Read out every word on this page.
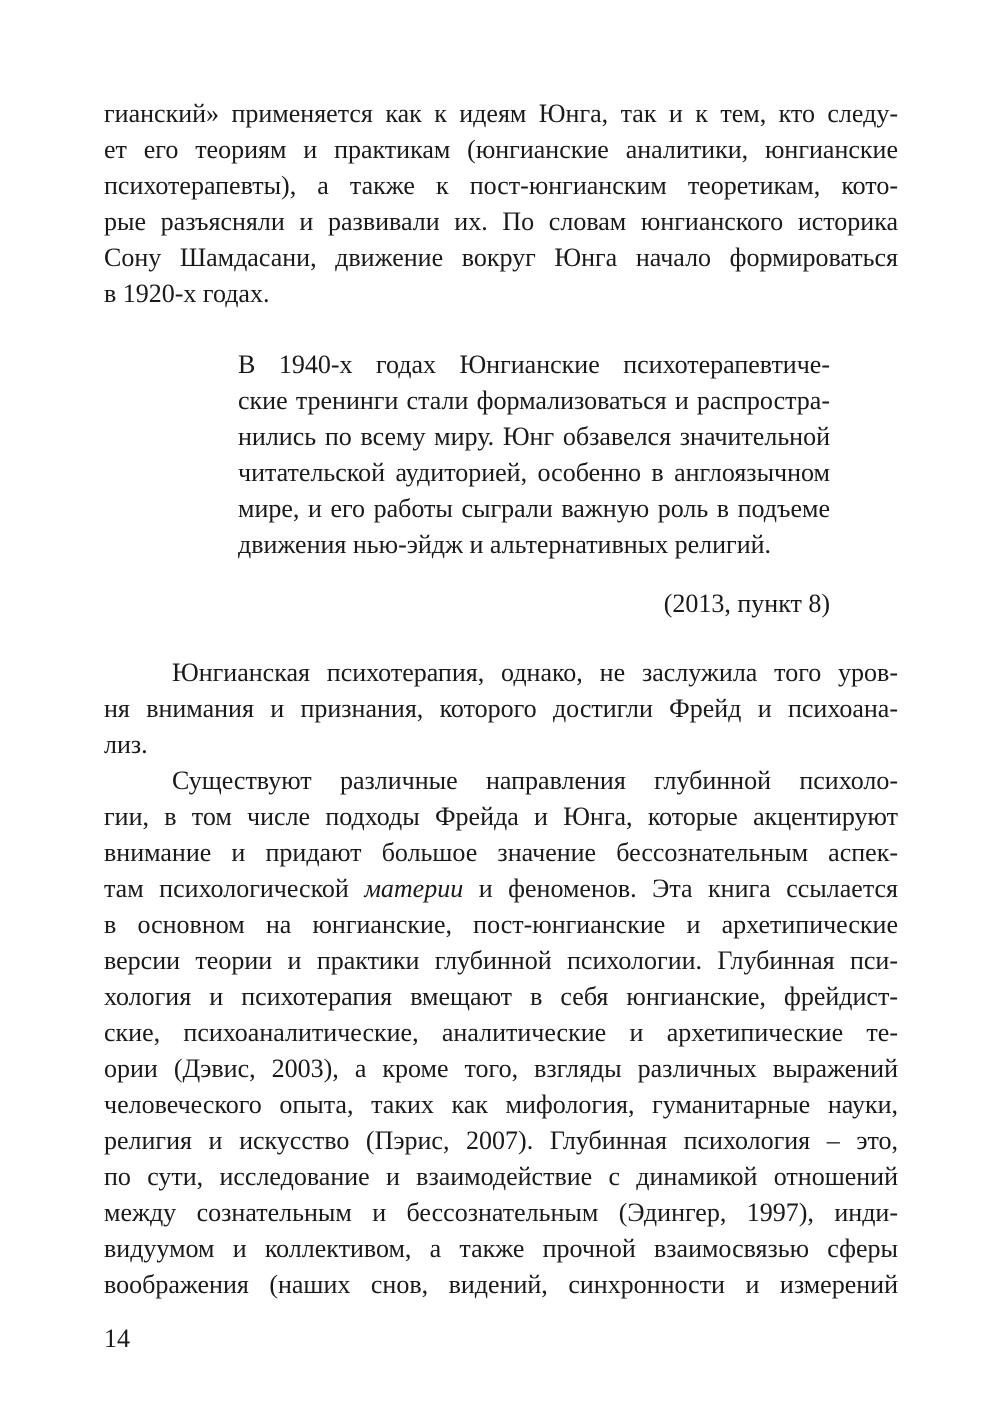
гианский» применяется как к идеям Юнга, так и к тем, кто следу-
ет его теориям и практикам (юнгианские аналитики, юнгианские
психотерапевты), а также к пост-юнгианским теоретикам, кото-
рые разъясняли и развивали их. По словам юнгианского историка
Сону Шамдасани, движение вокруг Юнга начало формироваться
в 1920-х годах.
В 1940-х годах Юнгианские психотерапевтиче-
ские тренинги стали формализоваться и распростра-
нились по всему миру. Юнг обзавелся значительной
читательской аудиторией, особенно в англоязычном
мире, и его работы сыграли важную роль в подъеме
движения нью-эйдж и альтернативных религий.
(2013, пункт 8)
Юнгианская психотерапия, однако, не заслужила того уров-
ня внимания и признания, которого достигли Фрейд и психоана-
лиз.
Существуют различные направления глубинной психоло-
гии, в том числе подходы Фрейда и Юнга, которые акцентируют
внимание и придают большое значение бессознательным аспек-
там психологической материи и феноменов. Эта книга ссылается
в основном на юнгианские, пост-юнгианские и архетипические
версии теории и практики глубинной психологии. Глубинная пси-
хология и психотерапия вмещают в себя юнгианские, фрейдист-
ские, психоаналитические, аналитические и архетипические те-
ории (Дэвис, 2003), а кроме того, взгляды различных выражений
человеческого опыта, таких как мифология, гуманитарные науки,
религия и искусство (Пэрис, 2007). Глубинная психология – это,
по сути, исследование и взаимодействие с динамикой отношений
между сознательным и бессознательным (Эдингер, 1997), инди-
видуумом и коллективом, а также прочной взаимосвязью сферы
воображения (наших снов, видений, синхронности и измерений
14
